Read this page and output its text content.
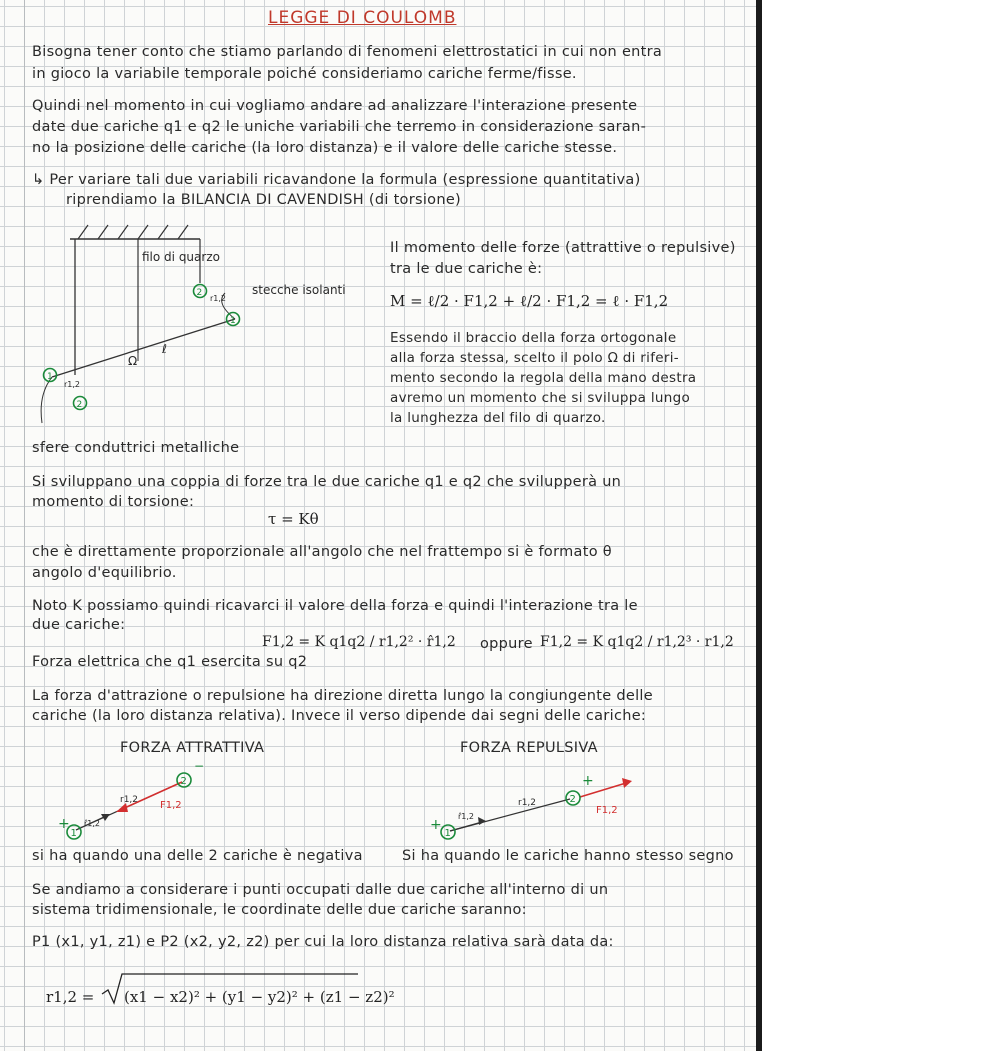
LEGGE DI COULOMB

Bisogna tener conto che stiamo parlando di fenomeni elettrostatici in cui non entra

in gioco la variabile temporale poiché consideriamo cariche ferme/fisse.

Quindi nel momento in cui vogliamo andare ad analizzare l'interazione presente

date due cariche q1 e q2 le uniche variabili che terremo in considerazione saran-

no la posizione delle cariche (la loro distanza) e il valore delle cariche stesse.

↳ Per variare tali due variabili ricavandone la formula (espressione quantitativa)

riprendiamo la BILANCIA DI CAVENDISH (di torsione)

2
1
1
2
filo di quarzo
stecche isolanti
r1,2
Ω
ℓ
r1,2

sfere conduttrici metalliche

Il momento delle forze (attrattive o repulsive)

tra le due cariche è:

M = ℓ/2 · F1,2 + ℓ/2 · F1,2 = ℓ · F1,2

Essendo il braccio della forza ortogonale

alla forza stessa, scelto il polo Ω di riferi-

mento secondo la regola della mano destra

avremo un momento che si sviluppa lungo

la lunghezza del filo di quarzo.

Si sviluppano una coppia di forze tra le due cariche q1 e q2 che svilupperà un

momento di torsione:

τ = Kθ

che è direttamente proporzionale all'angolo che nel frattempo si è formato θ

angolo d'equilibrio.

Noto K possiamo quindi ricavarci il valore della forza e quindi l'interazione tra le

due cariche:

F1,2 = K q1q2 / r1,2² · r̂1,2 oppure F1,2 = K q1q2 / r1,2³ · r1,2

Forza elettrica che q1 esercita su q2

La forza d'attrazione o repulsione ha direzione diretta lungo la congiungente delle

cariche (la loro distanza relativa). Invece il verso dipende dai segni delle cariche:

FORZA ATTRATTIVA

1
2
+
−
r1,2
r̂1,2
F1,2

si ha quando una delle 2 cariche è negativa

FORZA REPULSIVA

1
2
+
+
r1,2
r̂1,2
F1,2

Si ha quando le cariche hanno stesso segno

Se andiamo a considerare i punti occupati dalle due cariche all'interno di un

sistema tridimensionale, le coordinate delle due cariche saranno:

P1 (x1, y1, z1) e P2 (x2, y2, z2) per cui la loro distanza relativa sarà data da:

r1,2 = (x1 − x2)² + (y1 − y2)² + (z1 − z2)²
